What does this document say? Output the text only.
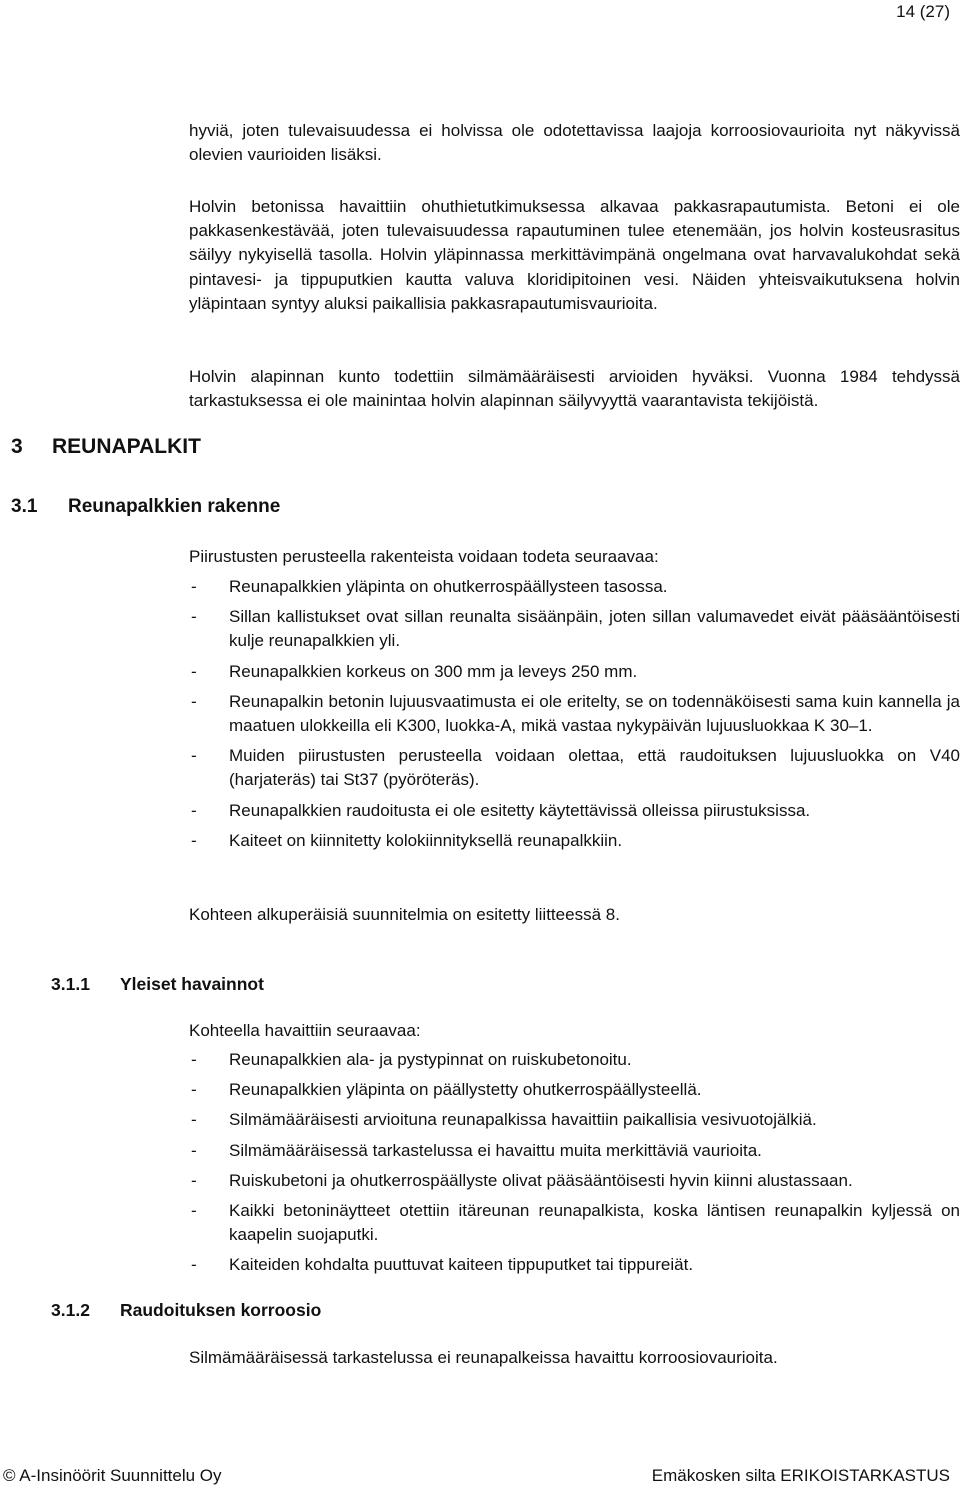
14 (27)

hyviä, joten tulevaisuudessa ei holvissa ole odotettavissa laajoja korroosiovaurioita nyt näkyvissä olevien vaurioiden lisäksi.

Holvin betonissa havaittiin ohuthietutkimuksessa alkavaa pakkasrapautumista. Betoni ei ole pakkasenkestävää, joten tulevaisuudessa rapautuminen tulee etenemään, jos holvin kosteusrasitus säilyy nykyisellä tasolla. Holvin yläpinnassa merkittävimpänä ongelmana ovat harvavalukohdat sekä pintavesi- ja tippuputkien kautta valuva kloridipitoinen vesi. Näiden yhteisvaikutuksena holvin yläpintaan syntyy aluksi paikallisia pakkasrapautumisvaurioita.

Holvin alapinnan kunto todettiin silmämääräisesti arvioiden hyväksi. Vuonna 1984 tehdyssä tarkastuksessa ei ole mainintaa holvin alapinnan säilyvyyttä vaarantavista tekijöistä.

3 REUNAPALKIT
3.1 Reunapalkkien rakenne

Piirustusten perusteella rakenteista voidaan todeta seuraavaa:

- Reunapalkkien yläpinta on ohutkerrospäällysteen tasossa.
- Sillan kallistukset ovat sillan reunalta sisäänpäin, joten sillan valumavedet eivät pääsääntöisesti kulje reunapalkkien yli.
- Reunapalkkien korkeus on 300 mm ja leveys 250 mm.
- Reunapalkin betonin lujuusvaatimusta ei ole eritelty, se on todennäköisesti sama kuin kannella ja maatuen ulokkeilla eli K300, luokka-A, mikä vastaa nykypäivän lujuusluokkaa K 30–1.
- Muiden piirustusten perusteella voidaan olettaa, että raudoituksen lujuusluokka on V40 (harjateräs) tai St37 (pyöröteräs).
- Reunapalkkien raudoitusta ei ole esitetty käytettävissä olleissa piirustuksissa.
- Kaiteet on kiinnitetty kolokiinnityksellä reunapalkkiin.

Kohteen alkuperäisiä suunnitelmia on esitetty liitteessä 8.

3.1.1 Yleiset havainnot

Kohteella havaittiin seuraavaa:

- Reunapalkkien ala- ja pystypinnat on ruiskubetonoitu.
- Reunapalkkien yläpinta on päällystetty ohutkerrospäällysteellä.
- Silmämääräisesti arvioituna reunapalkissa havaittiin paikallisia vesivuotojälkiä.
- Silmämääräisessä tarkastelussa ei havaittu muita merkittäviä vaurioita.
- Ruiskubetoni ja ohutkerrospäällyste olivat pääsääntöisesti hyvin kiinni alustassaan.
- Kaikki betoninäytteet otettiin itäreunan reunapalkista, koska läntisen reunapalkin kyljessä on kaapelin suojaputki.
- Kaiteiden kohdalta puuttuvat kaiteen tippuputket tai tippureiät.
3.1.2 Raudoituksen korroosio

Silmämääräisessä tarkastelussa ei reunapalkeissa havaittu korroosiovaurioita.

© A-Insinöörit Suunnittelu Oy	Emäkosken silta ERIKOISTARKASTUS
